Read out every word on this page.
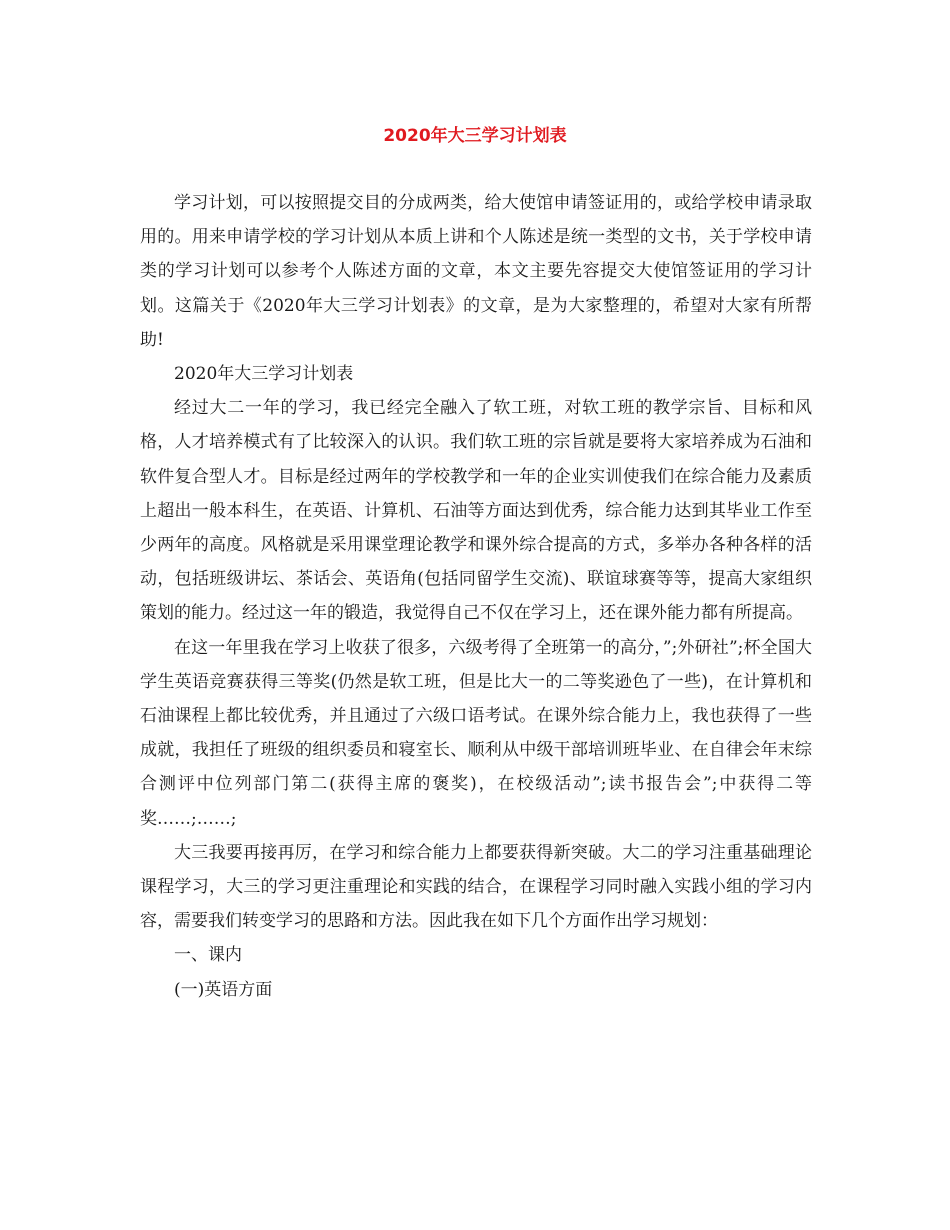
2020年大三学习计划表

学习计划，可以按照提交目的分成两类，给大使馆申请签证用的，或给学校申请录取用的。用来申请学校的学习计划从本质上讲和个人陈述是统一类型的文书，关于学校申请类的学习计划可以参考个人陈述方面的文章，本文主要先容提交大使馆签证用的学习计划。这篇关于《2020年大三学习计划表》的文章，是为大家整理的，希望对大家有所帮助!

2020年大三学习计划表

经过大二一年的学习，我已经完全融入了软工班，对软工班的教学宗旨、目标和风格，人才培养模式有了比较深入的认识。我们软工班的宗旨就是要将大家培养成为石油和软件复合型人才。目标是经过两年的学校教学和一年的企业实训使我们在综合能力及素质上超出一般本科生，在英语、计算机、石油等方面达到优秀，综合能力达到其毕业工作至少两年的高度。风格就是采用课堂理论教学和课外综合提高的方式，多举办各种各样的活动，包括班级讲坛、茶话会、英语角(包括同留学生交流)、联谊球赛等等，提高大家组织策划的能力。经过这一年的锻造，我觉得自己不仅在学习上，还在课外能力都有所提高。

在这一年里我在学习上收获了很多，六级考得了全班第一的高分，”;外研社”;杯全国大学生英语竞赛获得三等奖(仍然是软工班，但是比大一的二等奖逊色了一些)，在计算机和石油课程上都比较优秀，并且通过了六级口语考试。在课外综合能力上，我也获得了一些成就，我担任了班级的组织委员和寝室长、顺利从中级干部培训班毕业、在自律会年末综合测评中位列部门第二(获得主席的褒奖)，在校级活动”;读书报告会”;中获得二等奖……;……;

大三我要再接再厉，在学习和综合能力上都要获得新突破。大二的学习注重基础理论课程学习，大三的学习更注重理论和实践的结合，在课程学习同时融入实践小组的学习内容，需要我们转变学习的思路和方法。因此我在如下几个方面作出学习规划：

一、课内

(一)英语方面
